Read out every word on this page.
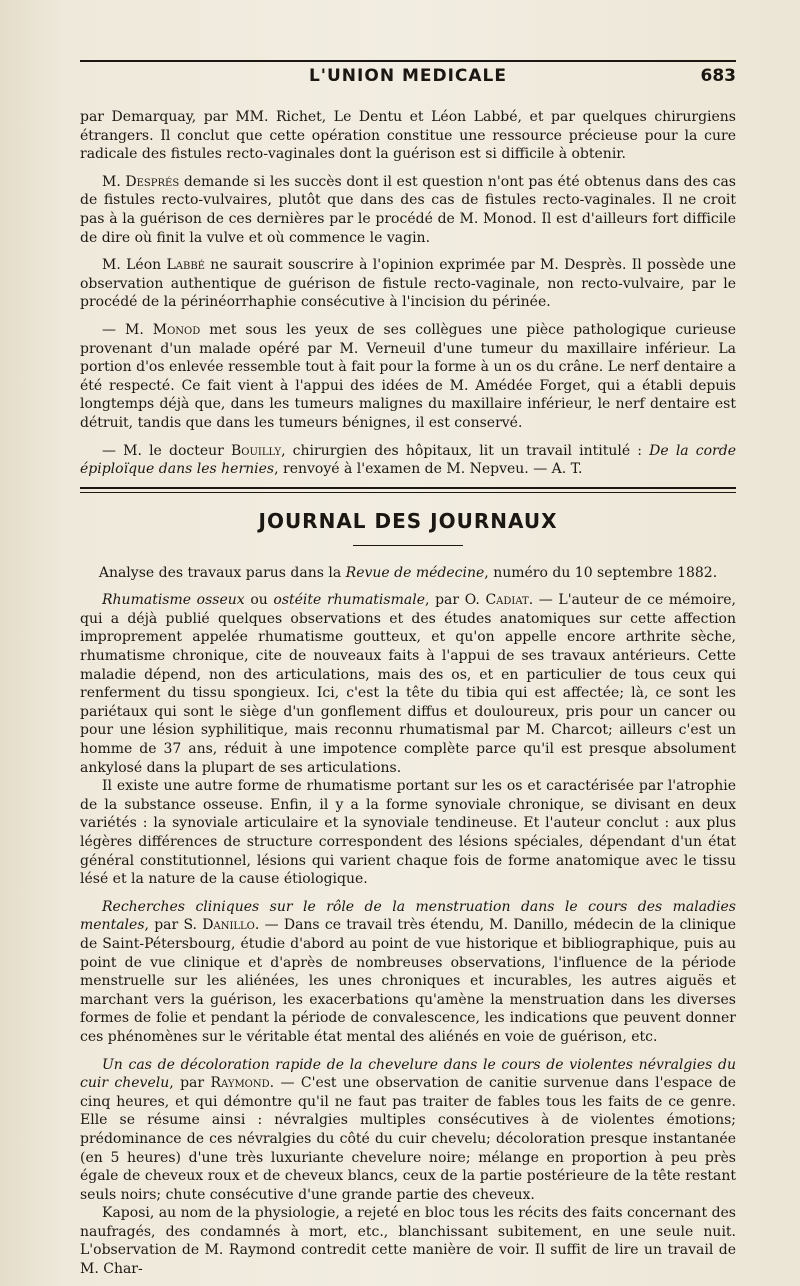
L'UNION MEDICALE	683

par Demarquay, par MM. Richet, Le Dentu et Léon Labbé, et par quelques chirurgiens étrangers. Il conclut que cette opération constitue une ressource précieuse pour la cure radicale des fistules recto-vaginales dont la guérison est si difficile à obtenir.

M. Després demande si les succès dont il est question n'ont pas été obtenus dans des cas de fistules recto-vulvaires, plutôt que dans des cas de fistules recto-vaginales. Il ne croit pas à la guérison de ces dernières par le procédé de M. Monod. Il est d'ailleurs fort difficile de dire où finit la vulve et où commence le vagin.

M. Léon Labbé ne saurait souscrire à l'opinion exprimée par M. Desprès. Il possède une observation authentique de guérison de fistule recto-vaginale, non recto-vulvaire, par le procédé de la périnéorrhaphie consécutive à l'incision du périnée.

— M. Monod met sous les yeux de ses collègues une pièce pathologique curieuse provenant d'un malade opéré par M. Verneuil d'une tumeur du maxillaire inférieur. La portion d'os enlevée ressemble tout à fait pour la forme à un os du crâne. Le nerf dentaire a été respecté. Ce fait vient à l'appui des idées de M. Amédée Forget, qui a établi depuis longtemps déjà que, dans les tumeurs malignes du maxillaire inférieur, le nerf dentaire est détruit, tandis que dans les tumeurs bénignes, il est conservé.

— M. le docteur Bouilly, chirurgien des hôpitaux, lit un travail intitulé : De la corde épiploïque dans les hernies, renvoyé à l'examen de M. Nepveu. — A. T.

JOURNAL DES JOURNAUX

Analyse des travaux parus dans la Revue de médecine, numéro du 10 septembre 1882.

Rhumatisme osseux ou ostéite rhumatismale, par O. Cadiat. — L'auteur de ce mémoire, qui a déjà publié quelques observations et des études anatomiques sur cette affection improprement appelée rhumatisme goutteux, et qu'on appelle encore arthrite sèche, rhumatisme chronique, cite de nouveaux faits à l'appui de ses travaux antérieurs. Cette maladie dépend, non des articulations, mais des os, et en particulier de tous ceux qui renferment du tissu spongieux. Ici, c'est la tête du tibia qui est affectée; là, ce sont les pariétaux qui sont le siège d'un gonflement diffus et douloureux, pris pour un cancer ou pour une lésion syphilitique, mais reconnu rhumatismal par M. Charcot; ailleurs c'est un homme de 37 ans, réduit à une impotence complète parce qu'il est presque absolument ankylosé dans la plupart de ses articulations.

Il existe une autre forme de rhumatisme portant sur les os et caractérisée par l'atrophie de la substance osseuse. Enfin, il y a la forme synoviale chronique, se divisant en deux variétés : la synoviale articulaire et la synoviale tendineuse. Et l'auteur conclut : aux plus légères différences de structure correspondent des lésions spéciales, dépendant d'un état général constitutionnel, lésions qui varient chaque fois de forme anatomique avec le tissu lésé et la nature de la cause étiologique.

Recherches cliniques sur le rôle de la menstruation dans le cours des maladies mentales, par S. Danillo. — Dans ce travail très étendu, M. Danillo, médecin de la clinique de Saint-Pétersbourg, étudie d'abord au point de vue historique et bibliographique, puis au point de vue clinique et d'après de nombreuses observations, l'influence de la période menstruelle sur les aliénées, les unes chroniques et incurables, les autres aiguës et marchant vers la guérison, les exacerbations qu'amène la menstruation dans les diverses formes de folie et pendant la période de convalescence, les indications que peuvent donner ces phénomènes sur le véritable état mental des aliénés en voie de guérison, etc.

Un cas de décoloration rapide de la chevelure dans le cours de violentes névralgies du cuir chevelu, par Raymond. — C'est une observation de canitie survenue dans l'espace de cinq heures, et qui démontre qu'il ne faut pas traiter de fables tous les faits de ce genre. Elle se résume ainsi : névralgies multiples consécutives à de violentes émotions; prédominance de ces névralgies du côté du cuir chevelu; décoloration presque instantanée (en 5 heures) d'une très luxuriante chevelure noire; mélange en proportion à peu près égale de cheveux roux et de cheveux blancs, ceux de la partie postérieure de la tête restant seuls noirs; chute consécutive d'une grande partie des cheveux.

Kaposi, au nom de la physiologie, a rejeté en bloc tous les récits des faits concernant des naufragés, des condamnés à mort, etc., blanchissant subitement, en une seule nuit. L'observation de M. Raymond contredit cette manière de voir. Il suffit de lire un travail de M. Char-
